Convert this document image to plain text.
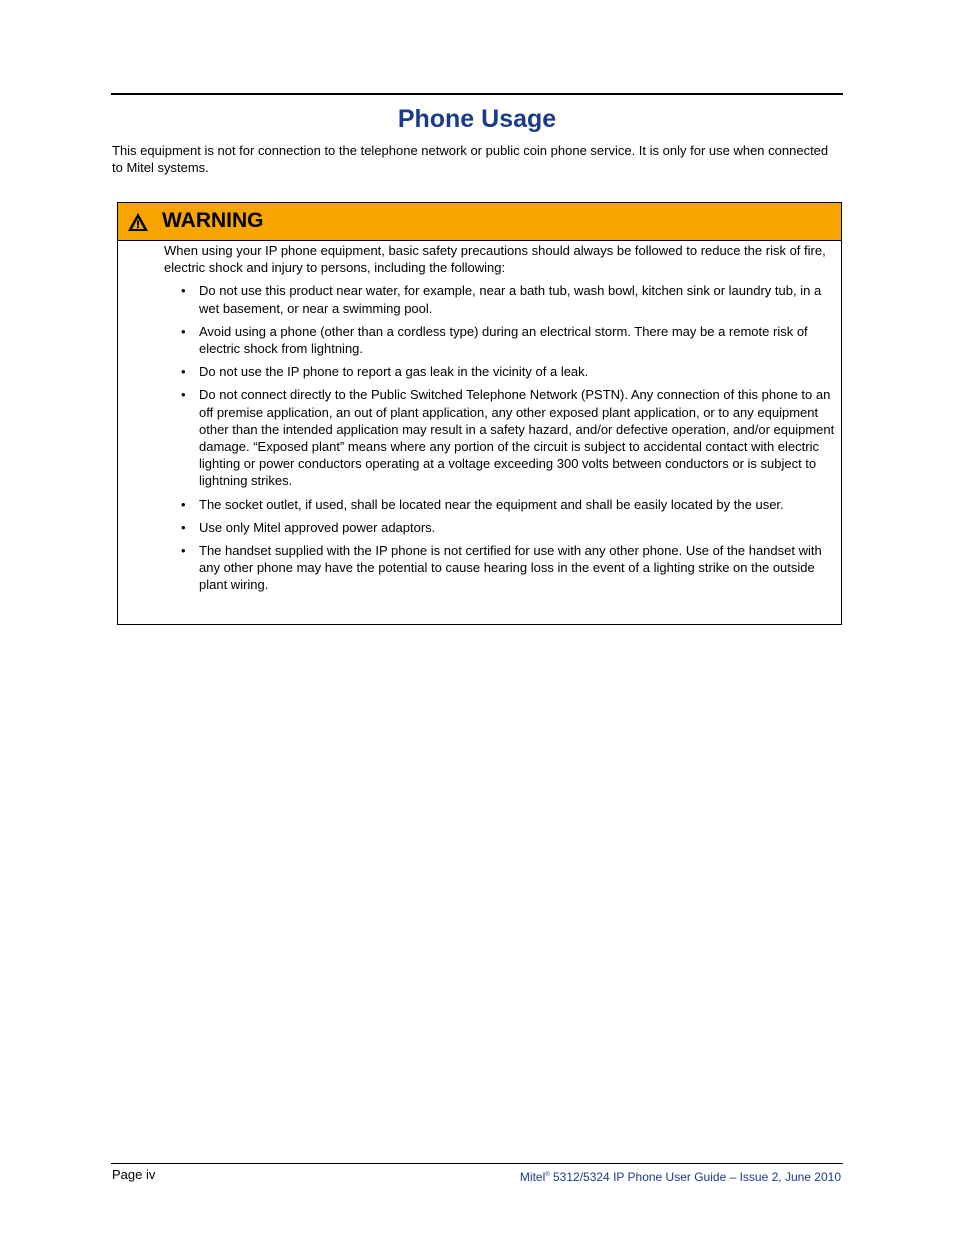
Phone Usage
This equipment is not for connection to the telephone network or public coin phone service. It is only for use when connected to Mitel systems.
WARNING

When using your IP phone equipment, basic safety precautions should always be followed to reduce the risk of fire, electric shock and injury to persons, including the following:

• Do not use this product near water, for example, near a bath tub, wash bowl, kitchen sink or laundry tub, in a wet basement, or near a swimming pool.
• Avoid using a phone (other than a cordless type) during an electrical storm. There may be a remote risk of electric shock from lightning.
• Do not use the IP phone to report a gas leak in the vicinity of a leak.
• Do not connect directly to the Public Switched Telephone Network (PSTN). Any connection of this phone to an off premise application, an out of plant application, any other exposed plant application, or to any equipment other than the intended application may result in a safety hazard, and/or defective operation, and/or equipment damage. “Exposed plant” means where any portion of the circuit is subject to accidental contact with electric lighting or power conductors operating at a voltage exceeding 300 volts between conductors or is subject to lightning strikes.
• The socket outlet, if used, shall be located near the equipment and shall be easily located by the user.
• Use only Mitel approved power adaptors.
• The handset supplied with the IP phone is not certified for use with any other phone. Use of the handset with any other phone may have the potential to cause hearing loss in the event of a lighting strike on the outside plant wiring.
Page iv	Mitel® 5312/5324 IP Phone User Guide – Issue 2, June 2010
